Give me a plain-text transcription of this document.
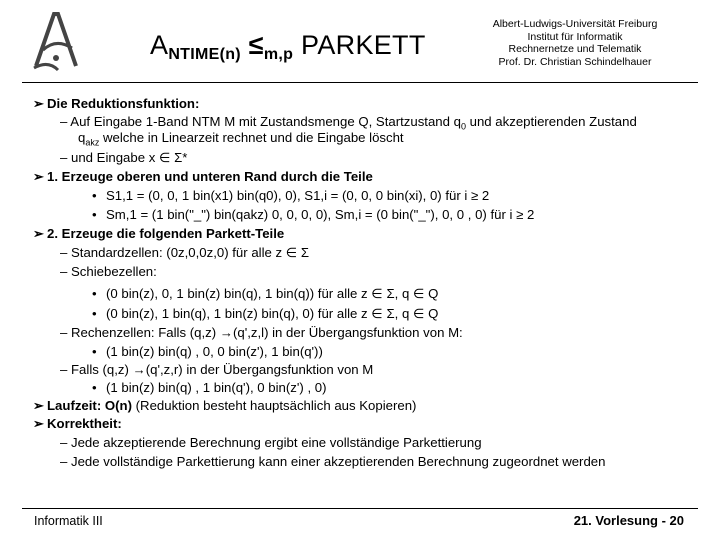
$A_{NTIME(n)} \le m,p$ PARKETT
Albert-Ludwigs-Universität Freiburg
Institut für Informatik
Rechnernetze und Telematik
Prof. Dr. Christian Schindelhauer
➢ Die Reduktionsfunktion:
– Auf Eingabe 1-Band NTM M mit Zustandsmenge Q, Startzustand $q_0$ und akzeptierenden Zustand
$q_{akz}$ welche in Linearzeit rechnet und die Eingabe löscht
– und Eingabe x ∈ Σ*
➢ 1. Erzeuge oberen und unteren Rand durch die Teile
• S1,1 = (0, 0, 1 bin(x1) bin(q0), 0), S1,i = (0, 0, 0 bin(xi), 0) für i ≥ 2
• Sm,1 = (1 bin("_") bin(qakz) 0, 0, 0, 0), Sm,i = (0 bin("_"), 0, 0 , 0) für i ≥ 2
➢ 2. Erzeuge die folgenden Parkett-Teile
– Standardzellen: (0z,0,0z,0) für alle z ∈ Σ
– Schiebezellen:
• (0 bin(z), 0, 1 bin(z) bin(q), 1 bin(q)) für alle z ∈ Σ, q ∈ Q
• (0 bin(z), 1 bin(q), 1 bin(z) bin(q), 0) für alle z ∈ Σ, q ∈ Q
– Rechenzellen: Falls (q,z) →(q',z,l) in der Übergangsfunktion von M:
• (1 bin(z) bin(q) , 0, 0 bin(z'), 1 bin(q'))
– Falls (q,z) →(q',z,r) in der Übergangsfunktion von M
• (1 bin(z) bin(q) , 1 bin(q'), 0 bin(z') , 0)
➢ Laufzeit: O(n) (Reduktion besteht hauptsächlich aus Kopieren)
➢ Korrektheit:
– Jede akzeptierende Berechnung ergibt eine vollständige Parkettierung
– Jede vollständige Parkettierung kann einer akzeptierenden Berechnung zugeordnet werden
Informatik III	21. Vorlesung - 20
